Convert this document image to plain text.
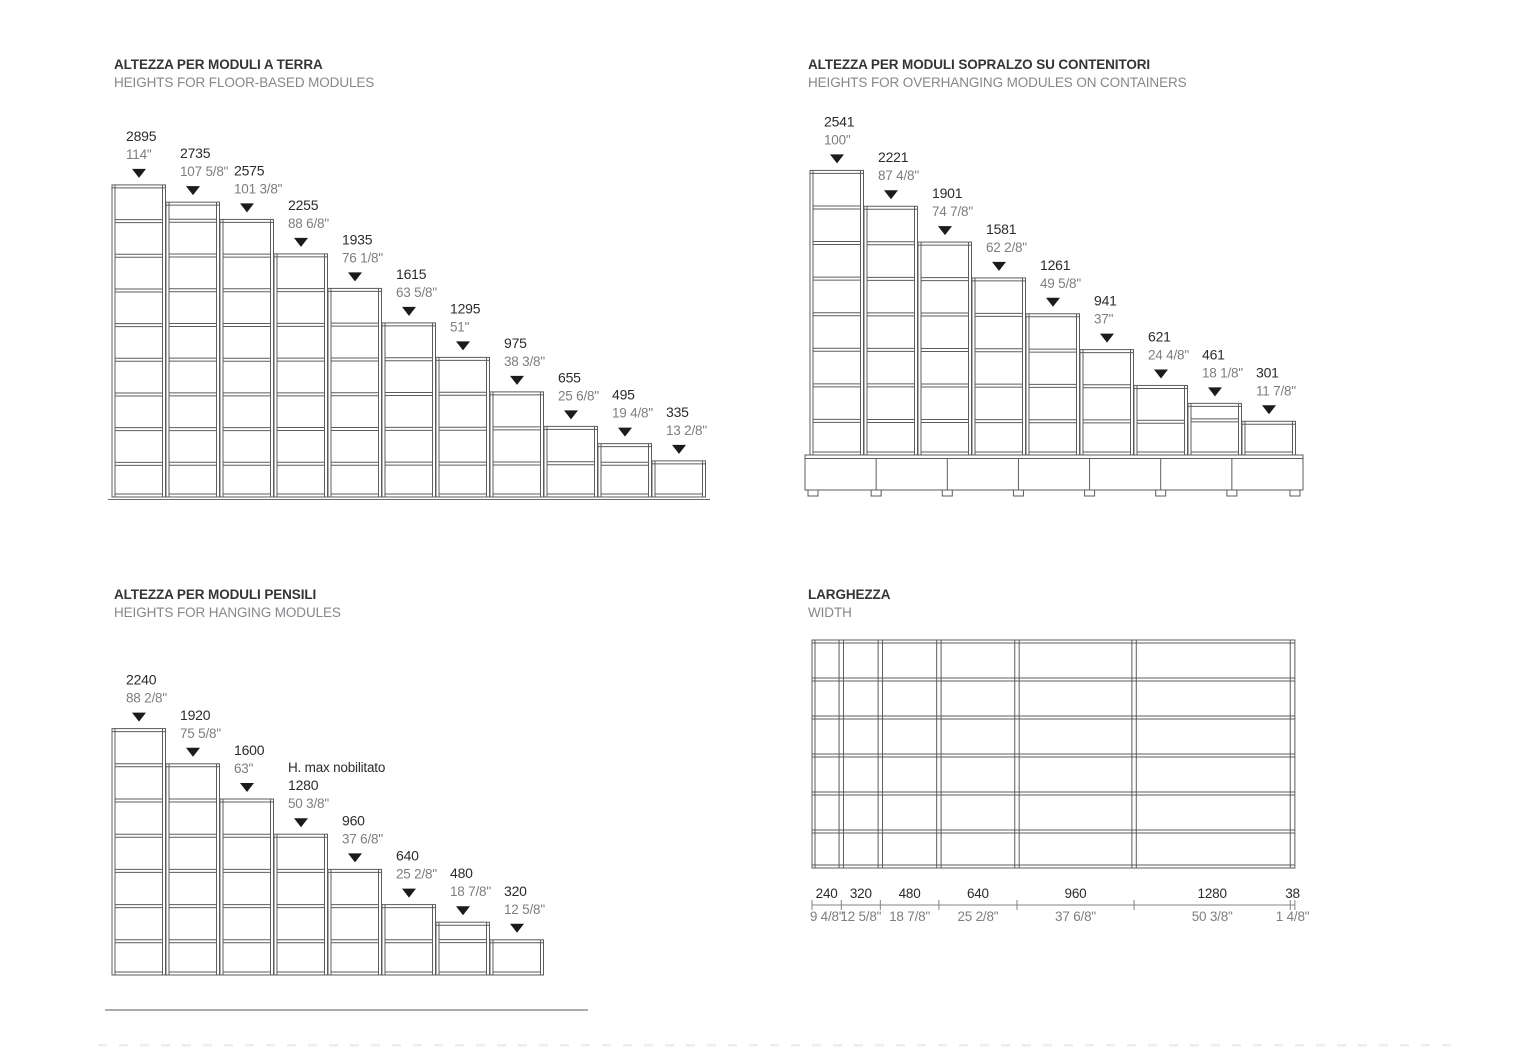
ALTEZZA PER MODULI A TERRA
HEIGHTS FOR FLOOR-BASED MODULES
ALTEZZA PER MODULI SOPRALZO SU CONTENITORI
HEIGHTS FOR OVERHANGING MODULES ON CONTAINERS
ALTEZZA PER MODULI PENSILI
HEIGHTS FOR HANGING MODULES
LARGHEZZA
WIDTH
2895
114" 2735
107 5/8" 2575
101 3/8"
2255
88 6/8"
1935
76 1/8"
1615
63 5/8"
1295
51"
975
38 3/8"
655
25 6/8" 495
19 4/8" 335
13 2/8"
2541
100"
2221
87 4/8"
1901
74 7/8"
1581
62 2/8"
1261
49 5/8"
941
37"
621
24 4/8" 461
18 1/8" 301
11 7/8"
2240
88 2/8"
1920
75 5/8"
1600
63"	H. max nobilitato
1280
50 3/8"
960
37 6/8"
640
25 2/8" 480
18 7/8" 320
12 5/8"
240
9 4/8"
320
12 5/8"
480
18 7/8"
640
25 2/8"
960
37 6/8"
1280
50 3/8"
38
1 4/8"
